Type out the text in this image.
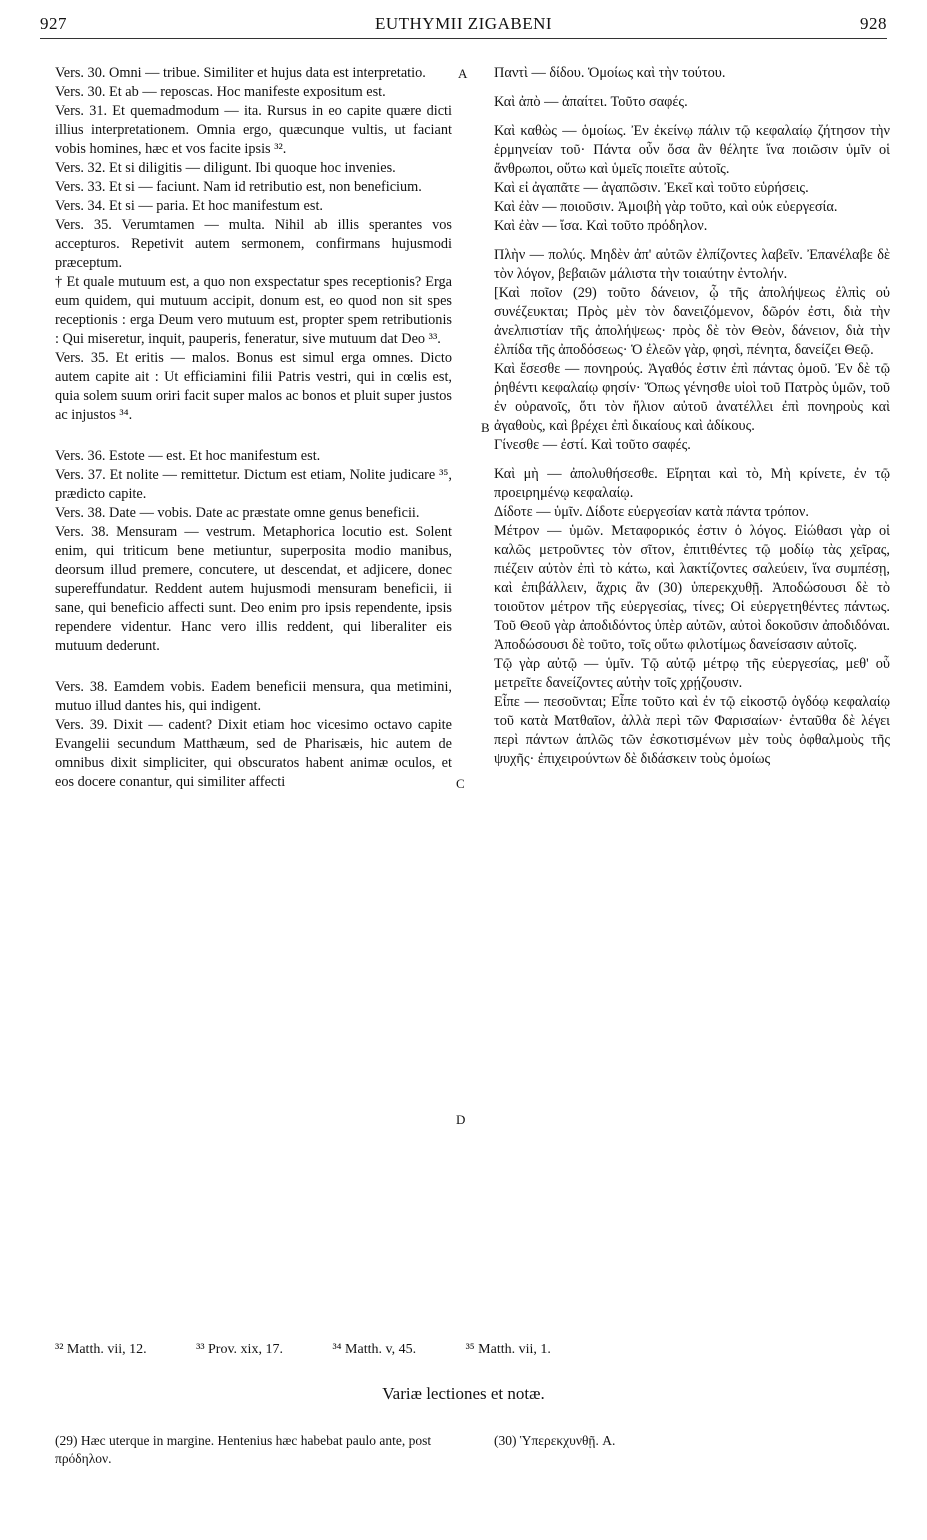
927	EUTHYMII ZIGABENI	928
A
B
C
D

Vers. 30. Omni — tribue. Similiter et hujus data est interpretatio.

Vers. 30. Et ab — reposcas. Hoc manifeste expositum est.

Vers. 31. Et quemadmodum — ita. Rursus in eo capite quære dicti illius interpretationem. Omnia ergo, quæcunque vultis, ut faciant vobis homines, hæc et vos facite ipsis ³².

Vers. 32. Et si diligitis — diligunt. Ibi quoque hoc invenies.

Vers. 33. Et si — faciunt. Nam id retributio est, non beneficium.

Vers. 34. Et si — paria. Et hoc manifestum est.

Vers. 35. Verumtamen — multa. Nihil ab illis sperantes vos accepturos. Repetivit autem sermonem, confirmans hujusmodi præceptum.

† Et quale mutuum est, a quo non exspectatur spes receptionis? Erga eum quidem, qui mutuum accipit, donum est, eo quod non sit spes receptionis : erga Deum vero mutuum est, propter spem retributionis : Qui miseretur, inquit, pauperis, feneratur, sive mutuum dat Deo ³³.

Vers. 35. Et eritis — malos. Bonus est simul erga omnes. Dicto autem capite ait : Ut efficiamini filii Patris vestri, qui in cœlis est, quia solem suum oriri facit super malos ac bonos et pluit super justos ac injustos ³⁴.

Vers. 36. Estote — est. Et hoc manifestum est.

Vers. 37. Et nolite — remittetur. Dictum est etiam, Nolite judicare ³⁵, prædicto capite.

Vers. 38. Date — vobis. Date ac præstate omne genus beneficii.

Vers. 38. Mensuram — vestrum. Metaphorica locutio est. Solent enim, qui triticum bene metiuntur, superposita modio manibus, deorsum illud premere, concutere, ut descendat, et adjicere, donec supereffundatur. Reddent autem hujusmodi mensuram beneficii, ii sane, qui beneficio affecti sunt. Deo enim pro ipsis rependente, ipsis rependere videntur. Hanc vero illis reddent, qui liberaliter eis mutuum dederunt.

Vers. 38. Eamdem vobis. Eadem beneficii mensura, qua metimini, mutuo illud dantes his, qui indigent.

Vers. 39. Dixit — cadent? Dixit etiam hoc vicesimo octavo capite Evangelii secundum Matthæum, sed de Pharisæis, hic autem de omnibus dixit simpliciter, qui obscuratos habent animæ oculos, et eos docere conantur, qui similiter affecti

Παντὶ — δίδου. Ὁμοίως καὶ τὴν τούτου.

Καὶ ἀπὸ — ἀπαίτει. Τοῦτο σαφές.

Καὶ καθὼς — ὁμοίως. Ἐν ἐκείνῳ πάλιν τῷ κεφαλαίῳ ζήτησον τὴν ἑρμηνείαν τοῦ· Πάντα οὖν ὅσα ἂν θέλητε ἵνα ποιῶσιν ὑμῖν οἱ ἄνθρωποι, οὕτω καὶ ὑμεῖς ποιεῖτε αὐτοῖς.

Καὶ εἰ ἀγαπᾶτε — ἀγαπῶσιν. Ἐκεῖ καὶ τοῦτο εὑρήσεις.

Καὶ ἐὰν — ποιοῦσιν. Ἀμοιβὴ γὰρ τοῦτο, καὶ οὐκ εὐεργεσία.

Καὶ ἐὰν — ἴσα. Καὶ τοῦτο πρόδηλον.

Πλὴν — πολύς. Μηδὲν ἀπ' αὐτῶν ἐλπίζοντες λαβεῖν. Ἐπανέλαβε δὲ τὸν λόγον, βεβαιῶν μάλιστα τὴν τοιαύτην ἐντολήν.

[Καὶ ποῖον (29) τοῦτο δάνειον, ᾧ τῆς ἀπολήψεως ἐλπὶς οὐ συνέζευκται; Πρὸς μὲν τὸν δανειζόμενον, δῶρόν ἐστι, διὰ τὴν ἀνελπιστίαν τῆς ἀπολήψεως· πρὸς δὲ τὸν Θεὸν, δάνειον, διὰ τὴν ἐλπίδα τῆς ἀποδόσεως· Ὁ ἐλεῶν γὰρ, φησὶ, πένητα, δανείζει Θεῷ.

Καὶ ἔσεσθε — πονηρούς. Ἀγαθός ἐστιν ἐπὶ πάντας ὁμοῦ. Ἐν δὲ τῷ ῥηθέντι κεφαλαίῳ φησίν· Ὅπως γένησθε υἱοὶ τοῦ Πατρὸς ὑμῶν, τοῦ ἐν οὐρανοῖς, ὅτι τὸν ἥλιον αὐτοῦ ἀνατέλλει ἐπὶ πονηροὺς καὶ ἀγαθοὺς, καὶ βρέχει ἐπὶ δικαίους καὶ ἀδίκους.

Γίνεσθε — ἐστί. Καὶ τοῦτο σαφές.

Καὶ μὴ — ἀπολυθήσεσθε. Εἴρηται καὶ τὸ, Μὴ κρίνετε, ἐν τῷ προειρημένῳ κεφαλαίῳ.

Δίδοτε — ὑμῖν. Δίδοτε εὐεργεσίαν κατὰ πάντα τρόπον.

Μέτρον — ὑμῶν. Μεταφορικός ἐστιν ὁ λόγος. Εἰώθασι γὰρ οἱ καλῶς μετροῦντες τὸν σῖτον, ἐπιτιθέντες τῷ μοδίῳ τὰς χεῖρας, πιέζειν αὐτὸν ἐπὶ τὸ κάτω, καὶ λακτίζοντες σαλεύειν, ἵνα συμπέσῃ, καὶ ἐπιβάλλειν, ἄχρις ἂν (30) ὑπερεκχυθῇ. Ἀποδώσουσι δὲ τὸ τοιοῦτον μέτρον τῆς εὐεργεσίας, τίνες; Οἱ εὐεργετηθέντες πάντως. Τοῦ Θεοῦ γὰρ ἀποδιδόντος ὑπὲρ αὐτῶν, αὐτοὶ δοκοῦσιν ἀποδιδόναι. Ἀποδώσουσι δὲ τοῦτο, τοῖς οὕτω φιλοτίμως δανείσασιν αὐτοῖς.

Τῷ γὰρ αὐτῷ — ὑμῖν. Τῷ αὐτῷ μέτρῳ τῆς εὐεργεσίας, μεθ' οὗ μετρεῖτε δανείζοντες αὐτὴν τοῖς χρῄζουσιν.

Εἶπε — πεσοῦνται; Εἶπε τοῦτο καὶ ἐν τῷ εἰκοστῷ ὀγδόῳ κεφαλαίῳ τοῦ κατὰ Ματθαῖον, ἀλλὰ περὶ τῶν Φαρισαίων· ἐνταῦθα δὲ λέγει περὶ πάντων ἁπλῶς τῶν ἐσκοτισμένων μὲν τοὺς ὀφθαλμοὺς τῆς ψυχῆς· ἐπιχειρούντων δὲ διδάσκειν τοὺς ὁμοίως

³² Matth. vii, 12.	³³ Prov. xix, 17.	³⁴ Matth. v, 45.	³⁵ Matth. vii, 1.
Variæ lectiones et notæ.
(29) Hæc uterque in margine. Hentenius hæc habebat paulo ante, post πρόδηλον.
(30) Ὑπερεκχυνθῇ. A.
